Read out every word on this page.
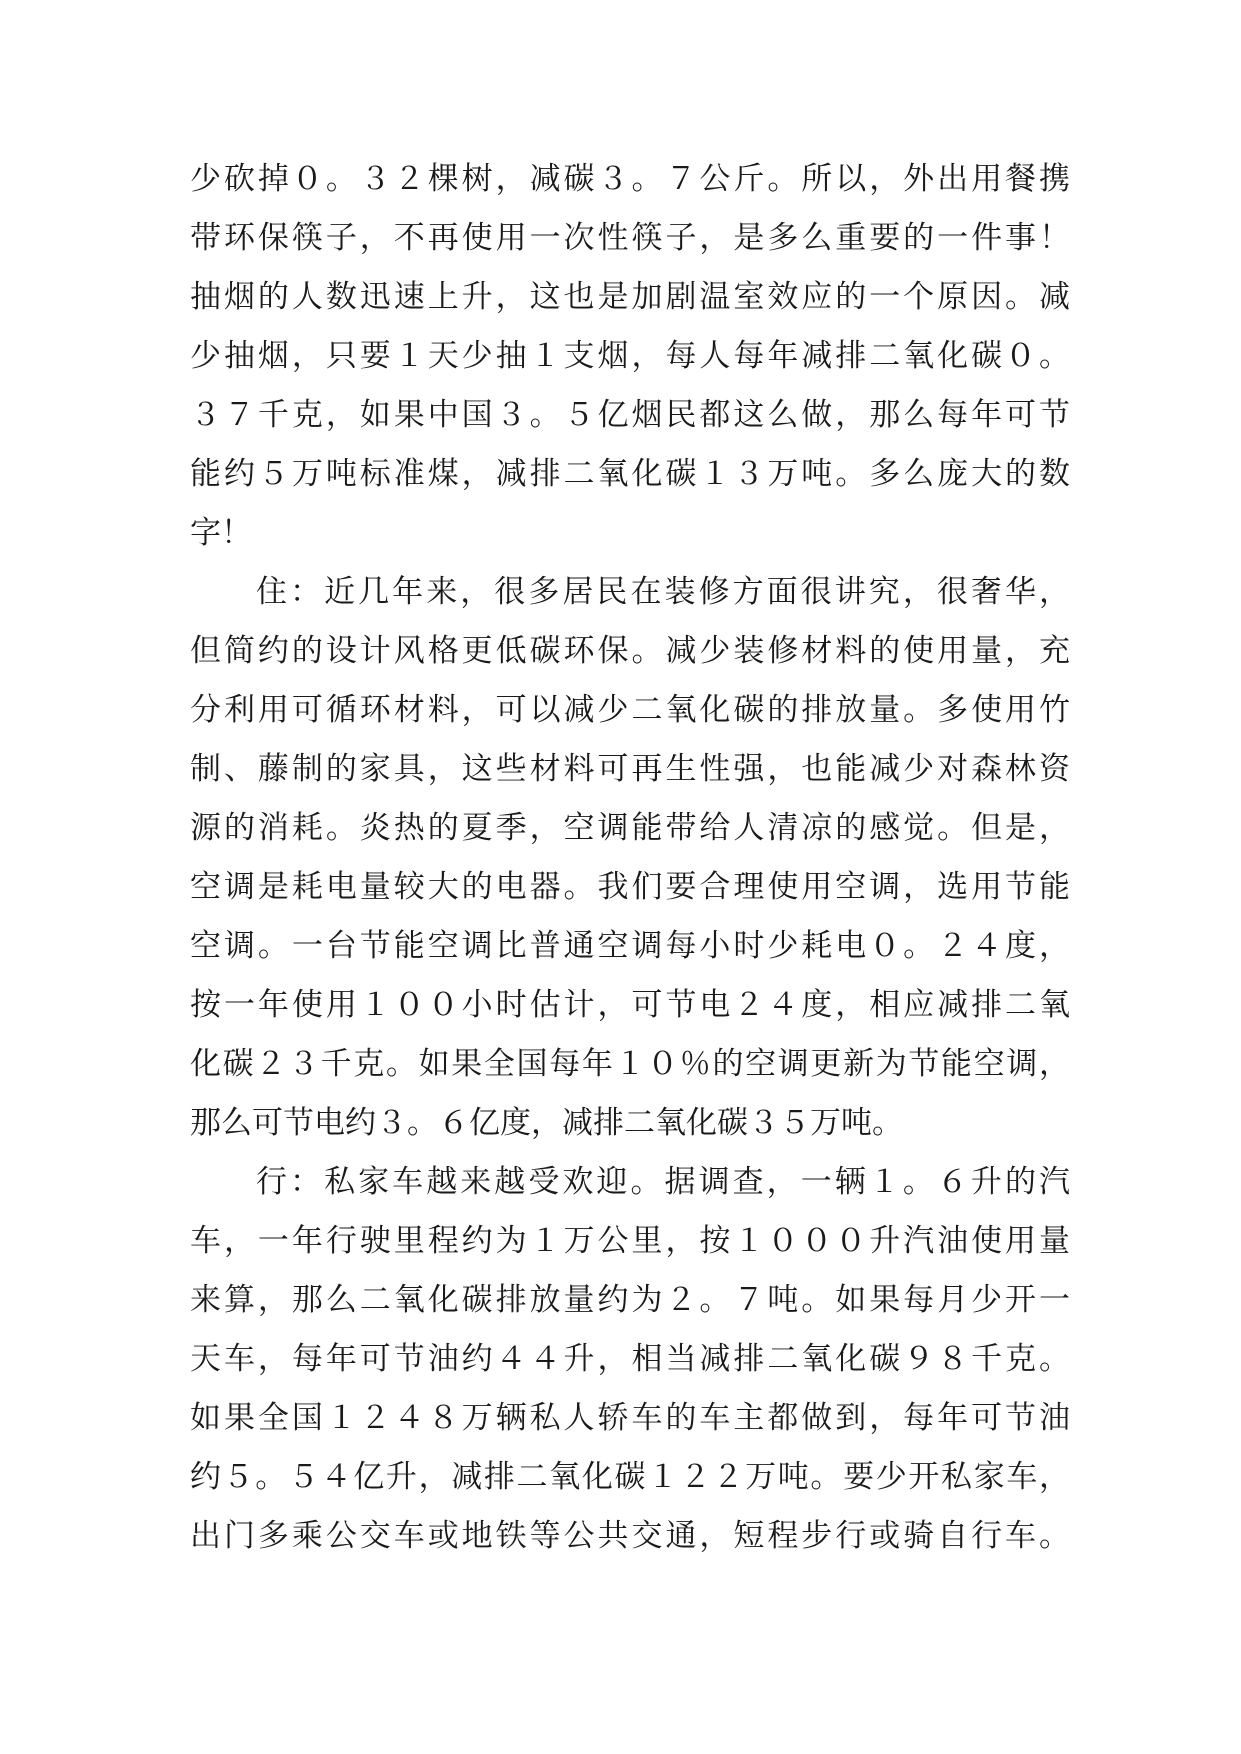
少砍掉０。３２棵树，减碳３。７公斤。所以，外出用餐携
带环保筷子，不再使用一次性筷子，是多么重要的一件事！
抽烟的人数迅速上升，这也是加剧温室效应的一个原因。减
少抽烟，只要１天少抽１支烟，每人每年减排二氧化碳０。
３７千克，如果中国３。５亿烟民都这么做，那么每年可节
能约５万吨标准煤，减排二氧化碳１３万吨。多么庞大的数
字！
住：近几年来，很多居民在装修方面很讲究，很奢华，
但简约的设计风格更低碳环保。减少装修材料的使用量，充
分利用可循环材料，可以减少二氧化碳的排放量。多使用竹
制、藤制的家具，这些材料可再生性强，也能减少对森林资
源的消耗。炎热的夏季，空调能带给人清凉的感觉。但是，
空调是耗电量较大的电器。我们要合理使用空调，选用节能
空调。一台节能空调比普通空调每小时少耗电０。２４度，
按一年使用１００小时估计，可节电２４度，相应减排二氧
化碳２３千克。如果全国每年１０％的空调更新为节能空调，
那么可节电约３。６亿度，减排二氧化碳３５万吨。
行：私家车越来越受欢迎。据调查，一辆１。６升的汽
车，一年行驶里程约为１万公里，按１０００升汽油使用量
来算，那么二氧化碳排放量约为２。７吨。如果每月少开一
天车，每年可节油约４４升，相当减排二氧化碳９８千克。
如果全国１２４８万辆私人轿车的车主都做到，每年可节油
约５。５４亿升，减排二氧化碳１２２万吨。要少开私家车，
出门多乘公交车或地铁等公共交通，短程步行或骑自行车。
